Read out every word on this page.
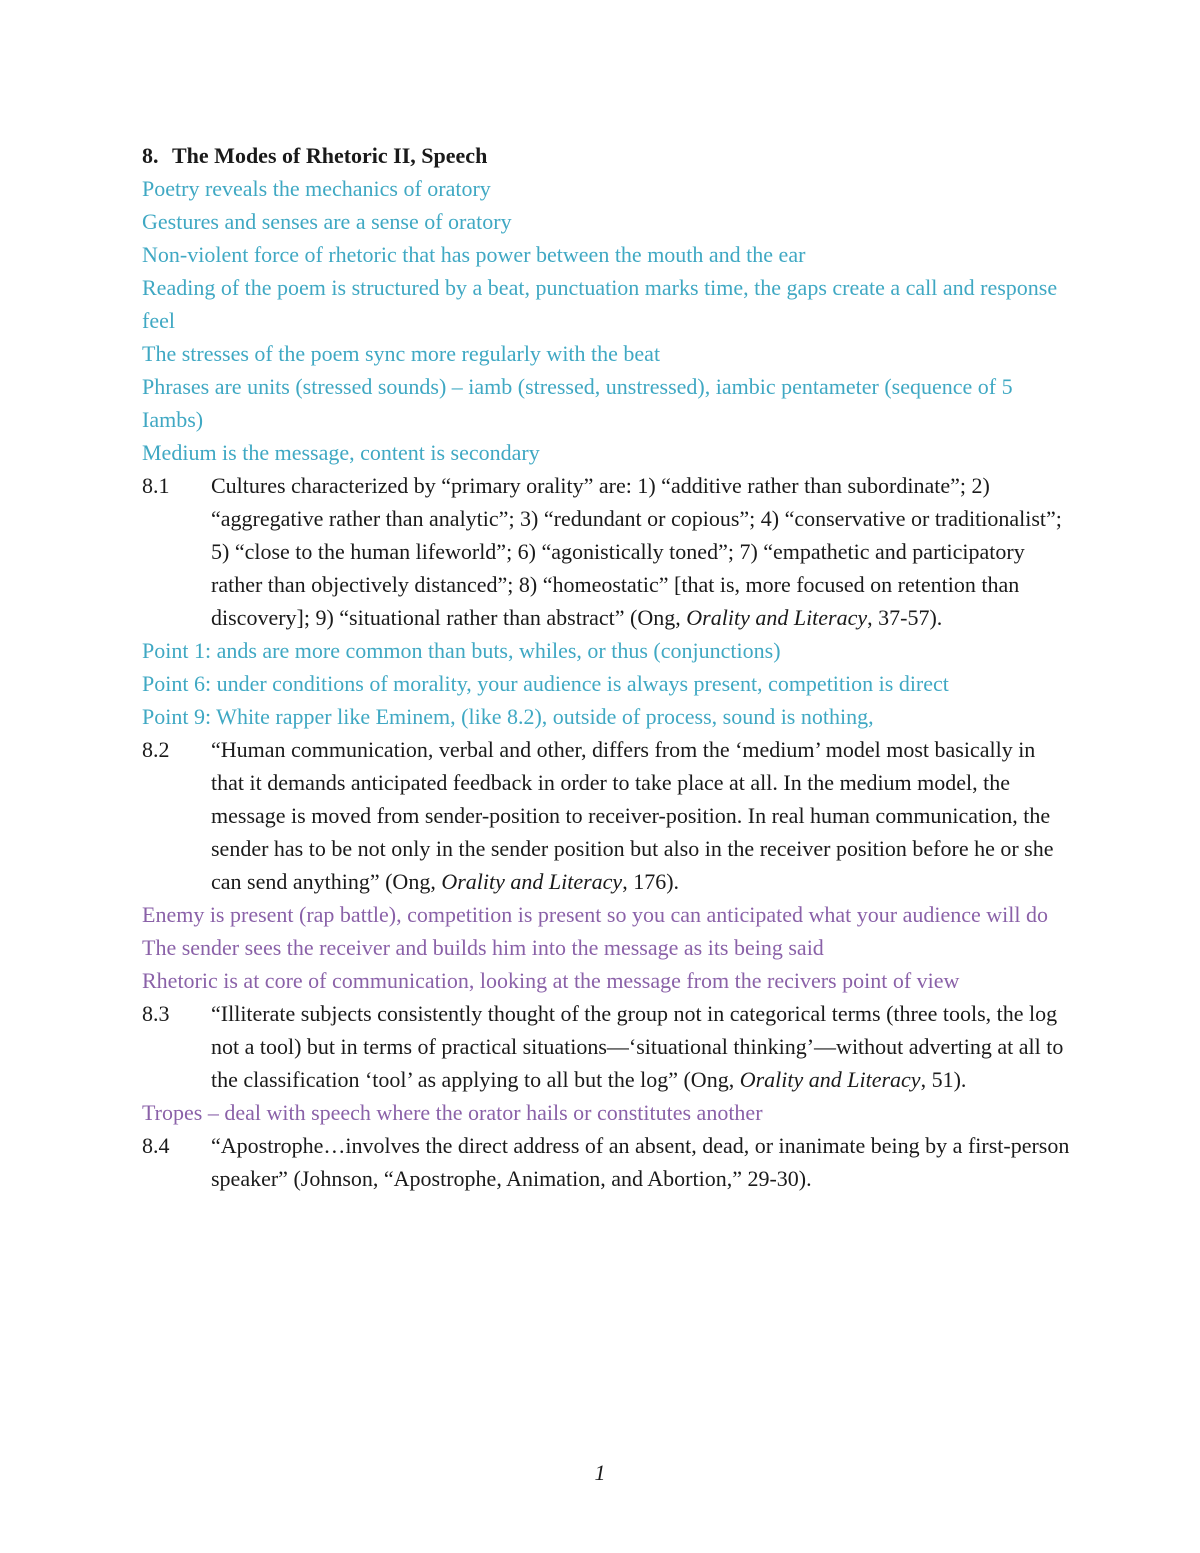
8. The Modes of Rhetoric II, Speech

Poetry reveals the mechanics of oratory

Gestures and senses are a sense of oratory

Non-violent force of rhetoric that has power between the mouth and the ear

Reading of the poem is structured by a beat, punctuation marks time, the gaps create a call and response feel

The stresses of the poem sync more regularly with the beat

Phrases are units (stressed sounds) – iamb (stressed, unstressed), iambic pentameter (sequence of 5 Iambs)

Medium is the message, content is secondary

8.1 Cultures characterized by “primary orality” are: 1) “additive rather than subordinate”; 2) “aggregative rather than analytic”; 3) “redundant or copious”; 4) “conservative or traditionalist”; 5) “close to the human lifeworld”; 6) “agonistically toned”; 7) “empathetic and participatory rather than objectively distanced”; 8) “homeostatic” [that is, more focused on retention than discovery]; 9) “situational rather than abstract” (Ong, Orality and Literacy, 37-57).

Point 1: ands are more common than buts, whiles, or thus (conjunctions)

Point 6: under conditions of morality, your audience is always present, competition is direct

Point 9: White rapper like Eminem, (like 8.2), outside of process, sound is nothing,

8.2 “Human communication, verbal and other, differs from the ‘medium’ model most basically in that it demands anticipated feedback in order to take place at all. In the medium model, the message is moved from sender-position to receiver-position. In real human communication, the sender has to be not only in the sender position but also in the receiver position before he or she can send anything” (Ong, Orality and Literacy, 176).

Enemy is present (rap battle), competition is present so you can anticipated what your audience will do

The sender sees the receiver and builds him into the message as its being said

Rhetoric is at core of communication, looking at the message from the recivers point of view

8.3 “Illiterate subjects consistently thought of the group not in categorical terms (three tools, the log not a tool) but in terms of practical situations—‘situational thinking’—without adverting at all to the classification ‘tool’ as applying to all but the log” (Ong, Orality and Literacy, 51).

Tropes – deal with speech where the orator hails or constitutes another

8.4 “Apostrophe…involves the direct address of an absent, dead, or inanimate being by a first-person speaker” (Johnson, “Apostrophe, Animation, and Abortion,” 29-30).
1
